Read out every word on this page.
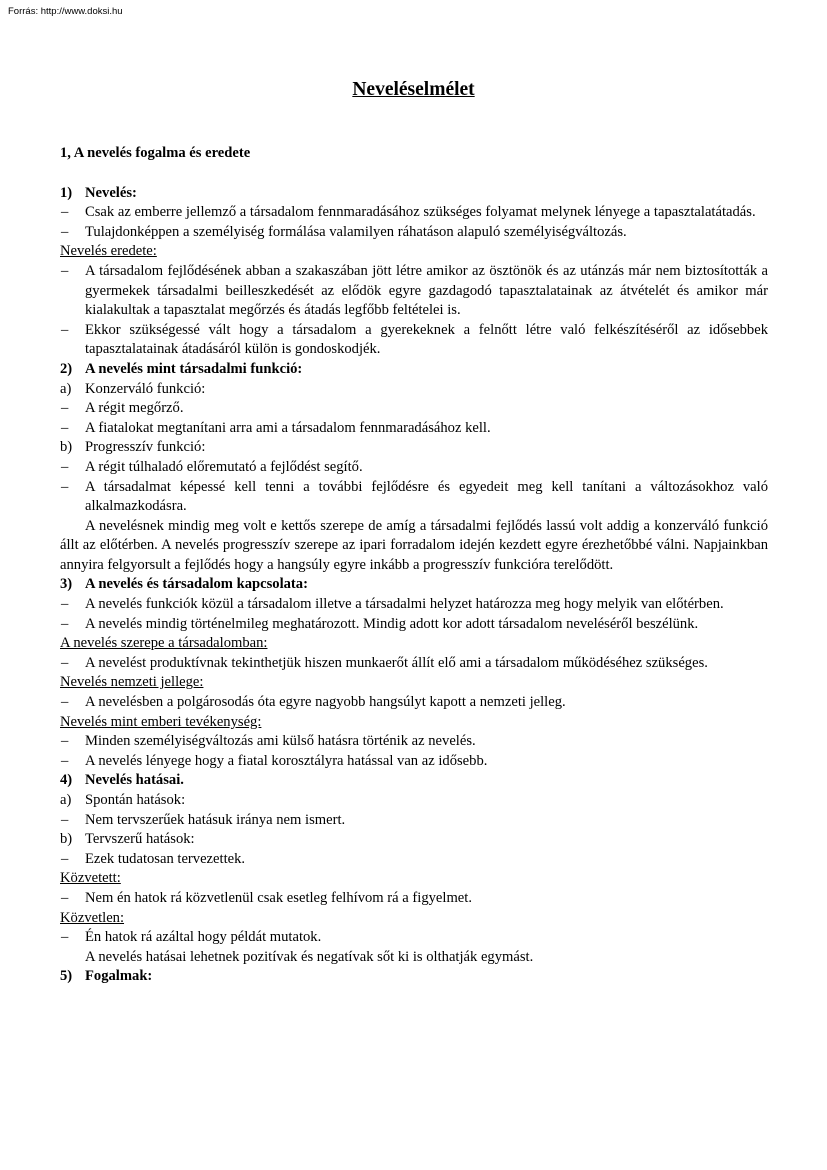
Forrás: http://www.doksi.hu
Neveléselmélet

1, A nevelés fogalma és eredete

1) Nevelés:

–	Csak az emberre jellemző a társadalom fennmaradásához szükséges folyamat melynek lényege a tapasztalatátadás.

–	Tulajdonképpen a személyiség formálása valamilyen ráhatáson alapuló személyiségváltozás.

Nevelés eredete:

–	A társadalom fejlődésének abban a szakaszában jött létre amikor az ösztönök és az utánzás már nem biztosították a gyermekek társadalmi beilleszkedését az elődök egyre gazdagodó tapasztalatainak az átvételét és amikor már kialakultak a tapasztalat megőrzés és átadás legfőbb feltételei is.

–	Ekkor szükségessé vált hogy a társadalom a gyerekeknek a felnőtt létre való felkészítéséről az idősebbek tapasztalatainak átadásáról külön is gondoskodjék.

2) A nevelés mint társadalmi funkció:

a) Konzerváló funkció:

–	A régit megőrző.

–	A fiatalokat megtanítani arra ami a társadalom fennmaradásához kell.

b) Progresszív funkció:

–	A régit túlhaladó előremutató a fejlődést segítő.

–	A társadalmat képessé kell tenni a további fejlődésre és egyedeit meg kell tanítani a változásokhoz való alkalmazkodásra.

A nevelésnek mindig meg volt e kettős szerepe de amíg a társadalmi fejlődés lassú volt addig a konzerváló funkció állt az előtérben. A nevelés progresszív szerepe az ipari forradalom idején kezdett egyre érezhetőbbé válni. Napjainkban annyira felgyorsult a fejlődés hogy a hangsúly egyre inkább a progresszív funkcióra terelődött.

3) A nevelés és társadalom kapcsolata:

–	A nevelés funkciók közül a társadalom illetve a társadalmi helyzet határozza meg hogy melyik van előtérben.

–	A nevelés mindig történelmileg meghatározott. Mindig adott kor adott társadalom neveléséről beszélünk.

A nevelés szerepe a társadalomban:

–	A nevelést produktívnak tekinthetjük hiszen munkaerőt állít elő ami a társadalom működéséhez szükséges.

Nevelés nemzeti jellege:

–	A nevelésben a polgárosodás óta egyre nagyobb hangsúlyt kapott a nemzeti jelleg.

Nevelés mint emberi tevékenység:

–	Minden személyiségváltozás ami külső hatásra történik az nevelés.

–	A nevelés lényege hogy a fiatal korosztályra hatással van az idősebb.

4) Nevelés hatásai.

a) Spontán hatások:

–	Nem tervszerűek hatásuk iránya nem ismert.

b) Tervszerű hatások:

–	Ezek tudatosan tervezettek.

Közvetett:

–	Nem én hatok rá közvetlenül csak esetleg felhívom rá a figyelmet.

Közvetlen:

–	Én hatok rá azáltal hogy példát mutatok.

A nevelés hatásai lehetnek pozitívak és negatívak sőt ki is olthatják egymást.

5) Fogalmak:
